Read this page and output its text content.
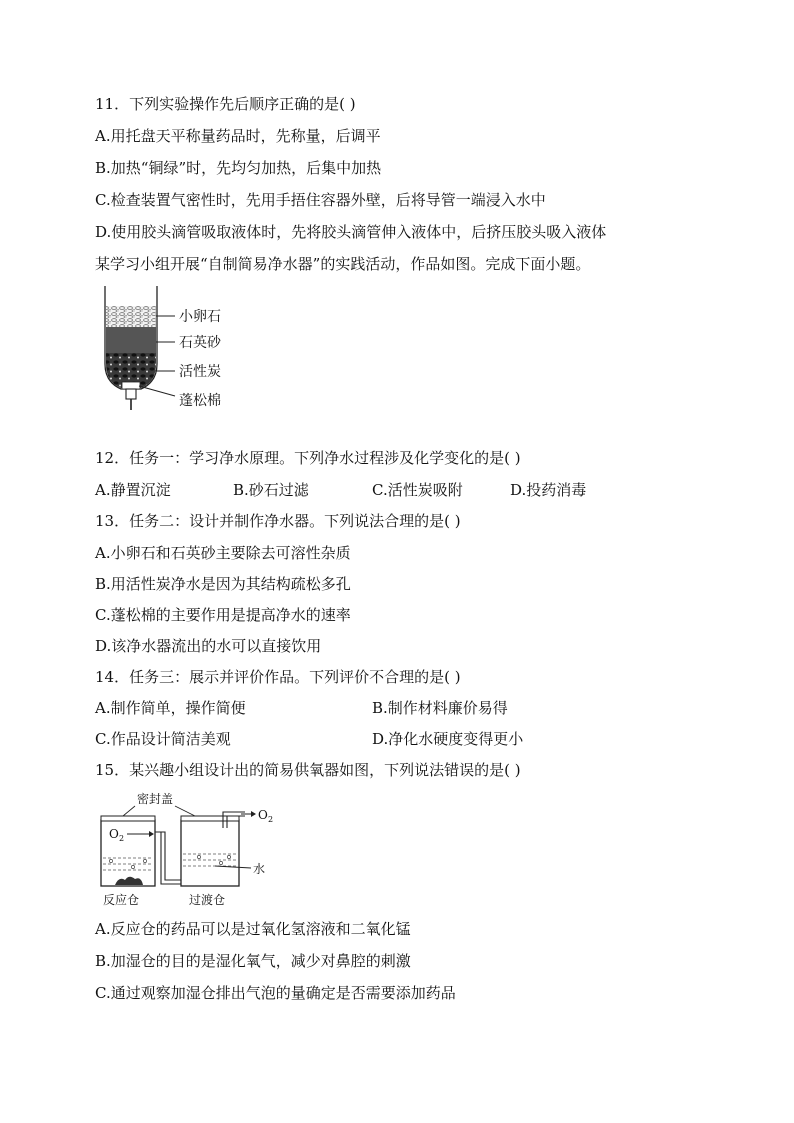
11．下列实验操作先后顺序正确的是( )
A.用托盘天平称量药品时，先称量，后调平
B.加热“铜绿”时，先均匀加热，后集中加热
C.检查装置气密性时，先用手捂住容器外壁，后将导管一端浸入水中
D.使用胶头滴管吸取液体时，先将胶头滴管伸入液体中，后挤压胶头吸入液体
某学习小组开展“自制简易净水器”的实践活动，作品如图。完成下面小题。
小卵石
石英砂
活性炭
蓬松棉
12．任务一：学习净水原理。下列净水过程涉及化学变化的是( )
A.静置沉淀	B.砂石过滤	C.活性炭吸附	D.投药消毒
13．任务二：设计并制作净水器。下列说法合理的是( )
A.小卵石和石英砂主要除去可溶性杂质
B.用活性炭净水是因为其结构疏松多孔
C.蓬松棉的主要作用是提高净水的速率
D.该净水器流出的水可以直接饮用
14．任务三：展示并评价作品。下列评价不合理的是( )
A.制作简单，操作简便	B.制作材料廉价易得
C.作品设计简洁美观	D.净化水硬度变得更小
15．某兴趣小组设计出的简易供氧器如图，下列说法错误的是( )
O 2
O 2
密封盖
水
反应仓	过渡仓
A.反应仓的药品可以是过氧化氢溶液和二氧化锰
B.加湿仓的目的是湿化氧气，减少对鼻腔的刺激
C.通过观察加湿仓排出气泡的量确定是否需要添加药品
